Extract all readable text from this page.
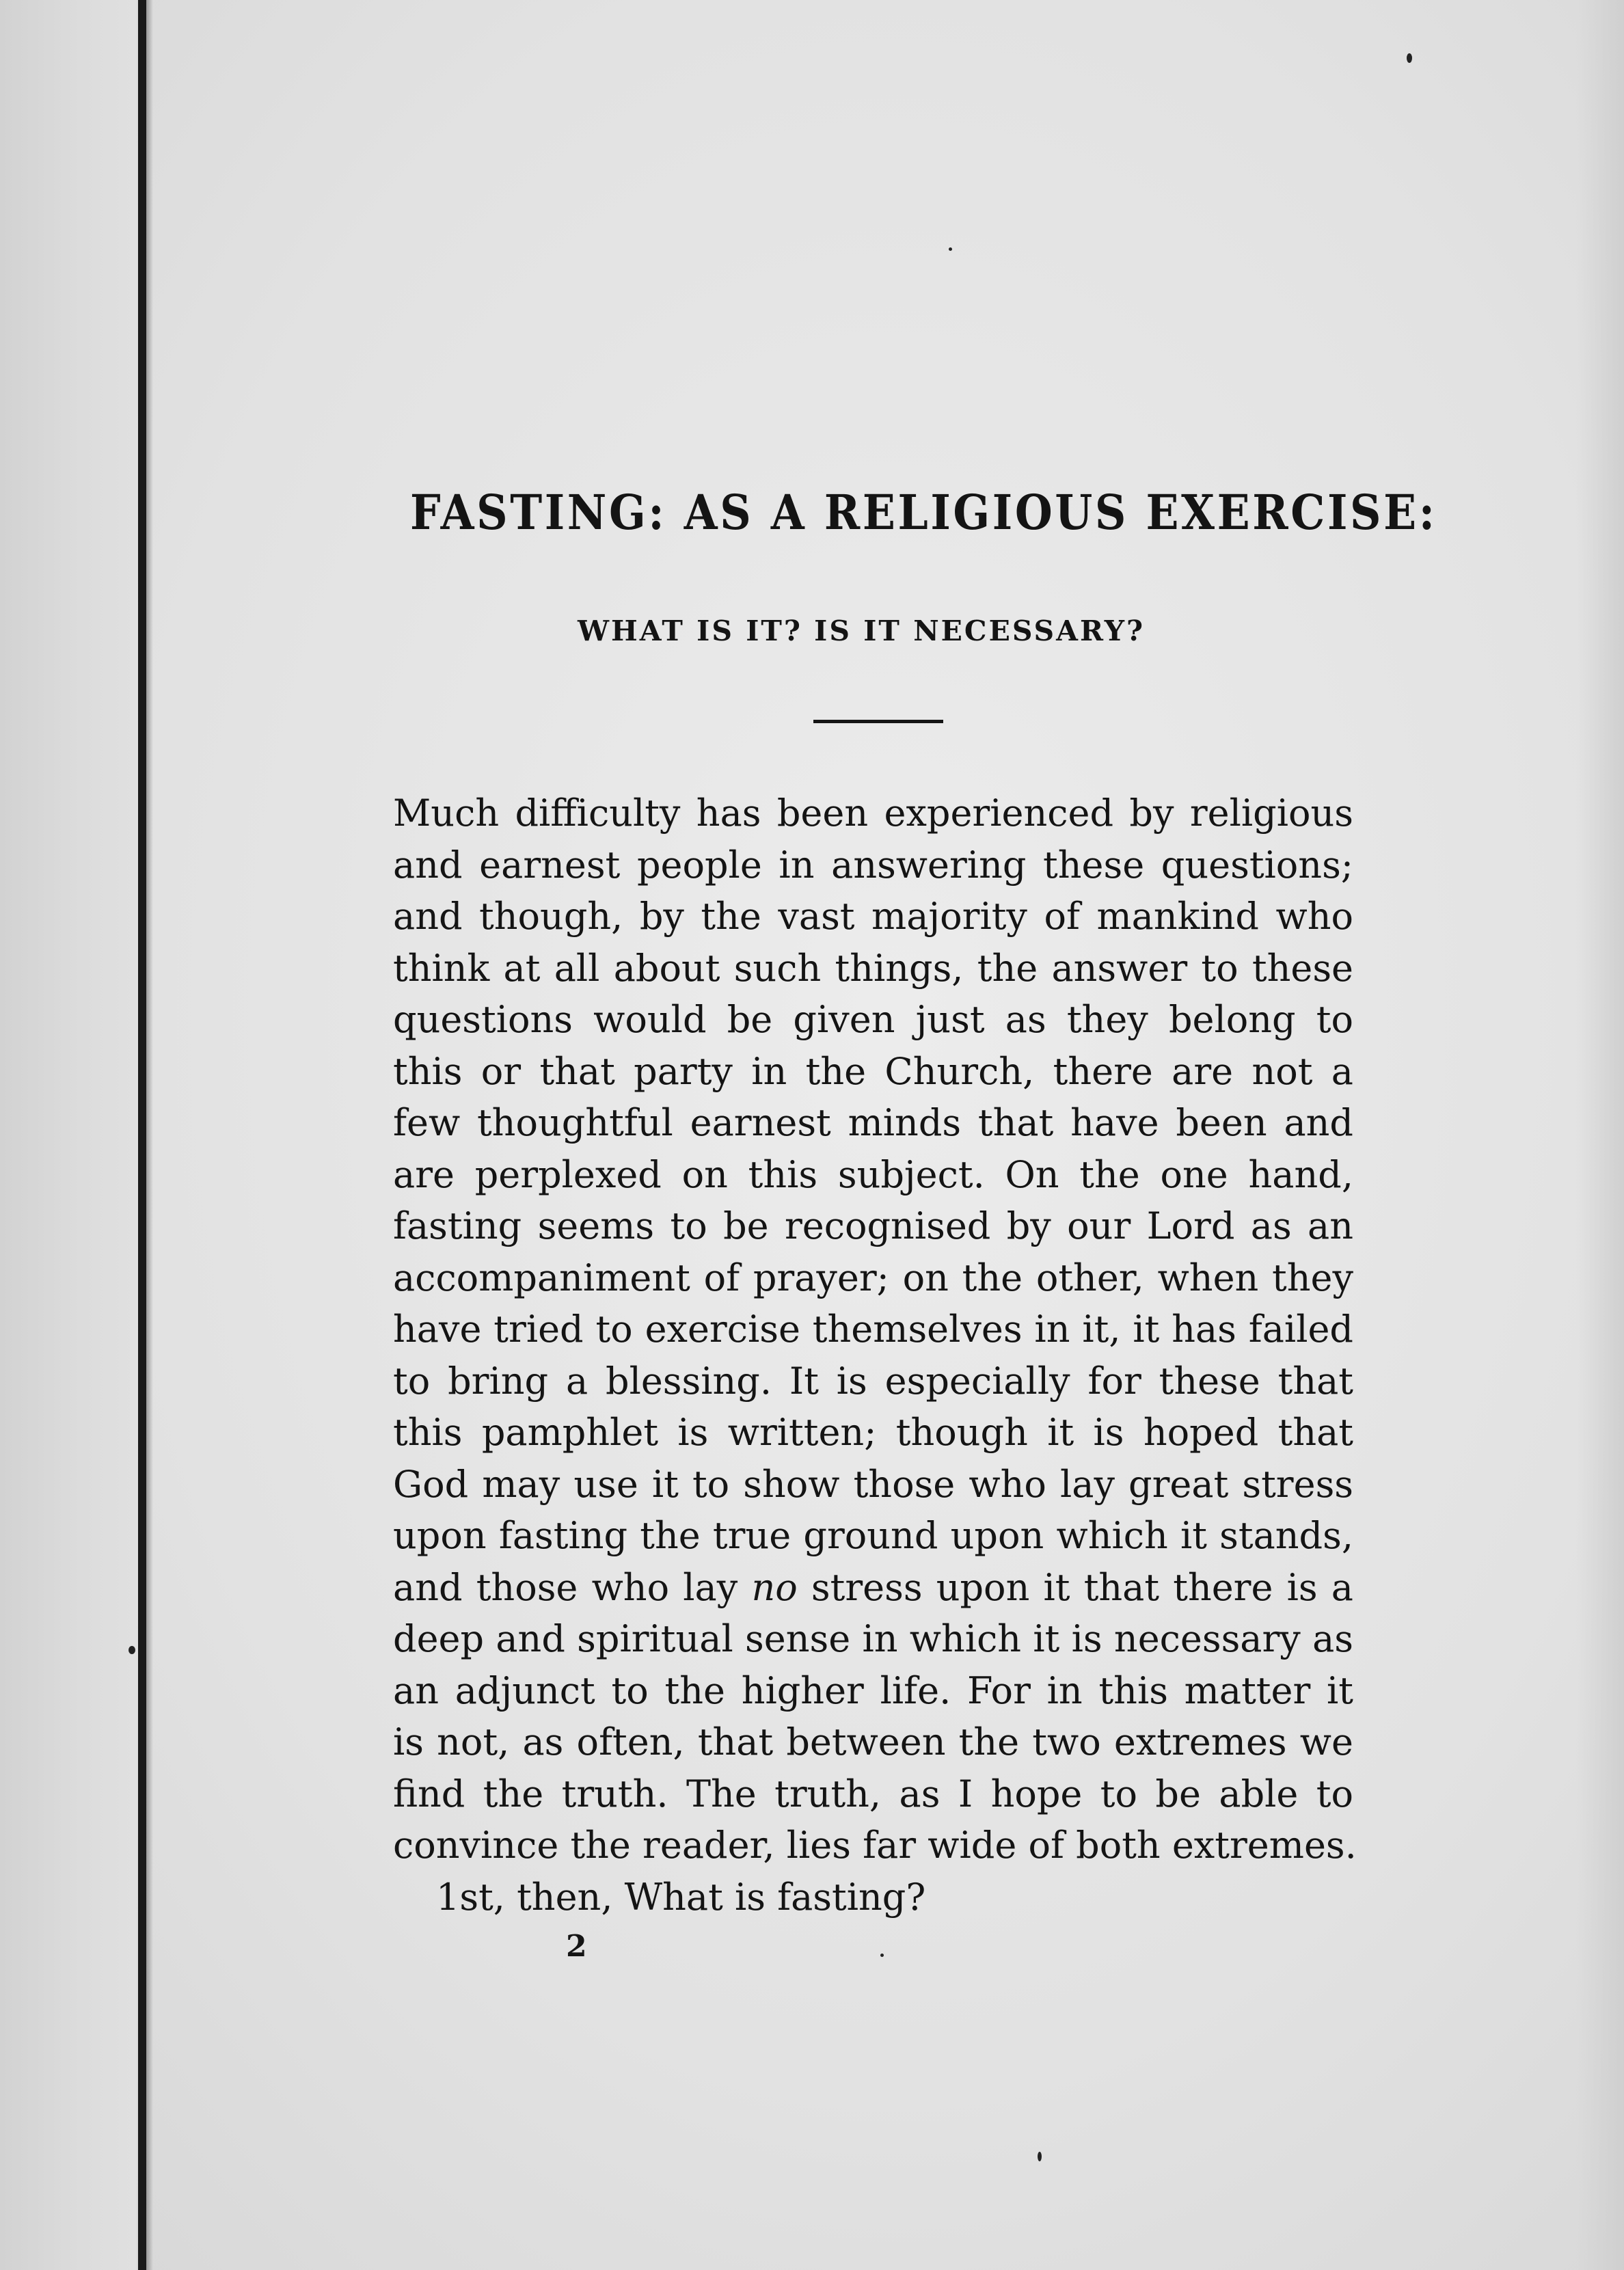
FASTING: AS A RELIGIOUS EXERCISE:
WHAT IS IT? IS IT NECESSARY?
Much difficulty has been experienced by religious
and earnest people in answering these questions;
and though, by the vast majority of mankind who
think at all about such things, the answer to these
questions would be given just as they belong to
this or that party in the Church, there are not a
few thoughtful earnest minds that have been and
are perplexed on this subject. On the one hand,
fasting seems to be recognised by our Lord as an
accompaniment of prayer; on the other, when they
have tried to exercise themselves in it, it has failed
to bring a blessing. It is especially for these that
this pamphlet is written; though it is hoped that
God may use it to show those who lay great stress
upon fasting the true ground upon which it stands,
and those who lay no stress upon it that there is a
deep and spiritual sense in which it is necessary as
an adjunct to the higher life. For in this matter it
is not, as often, that between the two extremes we
find the truth. The truth, as I hope to be able to
convince the reader, lies far wide of both extremes.
1st, then, What is fasting?

2
